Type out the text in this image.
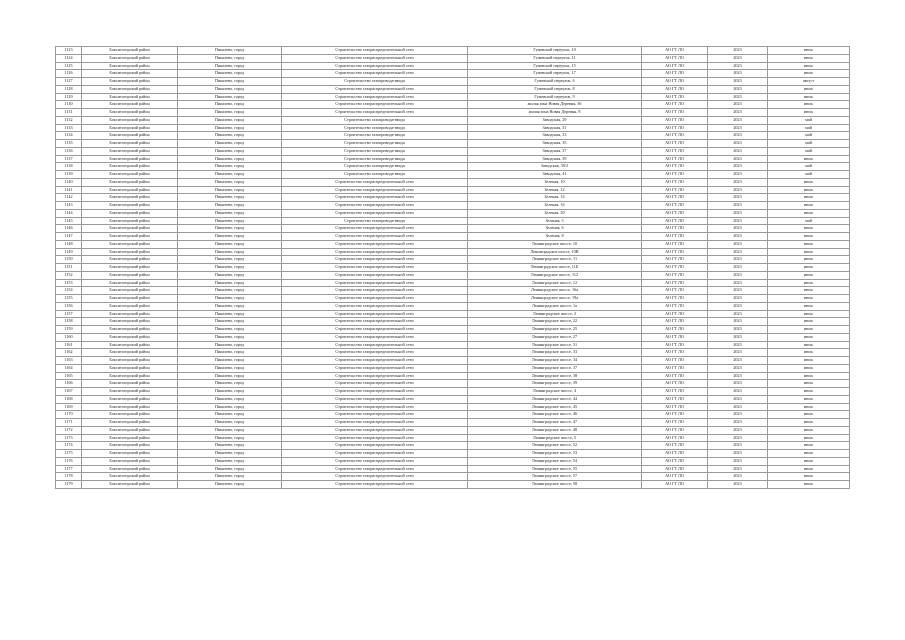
1123	Бокситогорский район	Пикалево, город	Строительство газораспределительной сети	Гужевской переулок, 10	АО ГТ ЛО	2023	июль
1124	Бокситогорский район	Пикалево, город	Строительство газораспределительной сети	Гужевской переулок, 11	АО ГТ ЛО	2023	июль
1125	Бокситогорский район	Пикалево, город	Строительство газораспределительной сети	Гужевской переулок, 15	АО ГТ ЛО	2023	июль
1126	Бокситогорский район	Пикалево, город	Строительство газораспределительной сети	Гужевской переулок, 17	АО ГТ ЛО	2023	июль
1127	Бокситогорский район	Пикалево, город	Строительство газопровода-ввода	Гужевской переулок, 6	АО ГТ ЛО	2023	август
1128	Бокситогорский район	Пикалево, город	Строительство газораспределительной сети	Гужевской переулок, 8	АО ГТ ЛО	2023	июль
1129	Бокситогорский район	Пикалево, город	Строительство газораспределительной сети	Гужевской переулок, 9	АО ГТ ЛО	2023	июль
1130	Бокситогорский район	Пикалево, город	Строительство газораспределительной сети	жилая зона Новая Деревня, 36	АО ГТ ЛО	2023	июль
1131	Бокситогорский район	Пикалево, город	Строительство газораспределительной сети	жилая зона Новая Деревня, 8	АО ГТ ЛО	2023	июль
1132	Бокситогорский район	Пикалево, город	Строительство газопровода-ввода	Заводская, 29	АО ГТ ЛО	2023	май
1133	Бокситогорский район	Пикалево, город	Строительство газопровода-ввода	Заводская, 31	АО ГТ ЛО	2023	май
1134	Бокситогорский район	Пикалево, город	Строительство газопровода-ввода	Заводская, 33	АО ГТ ЛО	2023	май
1135	Бокситогорский район	Пикалево, город	Строительство газопровода-ввода	Заводская, 35	АО ГТ ЛО	2023	май
1136	Бокситогорский район	Пикалево, город	Строительство газопровода-ввода	Заводская, 37	АО ГТ ЛО	2023	май
1137	Бокситогорский район	Пикалево, город	Строительство газопровода-ввода	Заводская, 39	АО ГТ ЛО	2023	июль
1138	Бокситогорский район	Пикалево, город	Строительство газопровода-ввода	Заводская, 39/2	АО ГТ ЛО	2023	май
1139	Бокситогорский район	Пикалево, город	Строительство газопровода-ввода	Заводская, 41	АО ГТ ЛО	2023	май
1140	Бокситогорский район	Пикалево, город	Строительство газораспределительной сети	Зеленая, 10	АО ГТ ЛО	2023	июль
1141	Бокситогорский район	Пикалево, город	Строительство газораспределительной сети	Зеленая, 12	АО ГТ ЛО	2023	июль
1142	Бокситогорский район	Пикалево, город	Строительство газораспределительной сети	Зеленая, 14	АО ГТ ЛО	2023	июль
1143	Бокситогорский район	Пикалево, город	Строительство газораспределительной сети	Зеленая, 16	АО ГТ ЛО	2023	июль
1144	Бокситогорский район	Пикалево, город	Строительство газораспределительной сети	Зеленая, 20	АО ГТ ЛО	2023	июль
1145	Бокситогорский район	Пикалево, город	Строительство газопровода-ввода	Зеленая, 3	АО ГТ ЛО	2023	май
1146	Бокситогорский район	Пикалево, город	Строительство газораспределительной сети	Зеленая, 6	АО ГТ ЛО	2023	июль
1147	Бокситогорский район	Пикалево, город	Строительство газораспределительной сети	Зеленая, 8	АО ГТ ЛО	2023	июль
1148	Бокситогорский район	Пикалево, город	Строительство газораспределительной сети	Ленинградское шоссе, 10	АО ГТ ЛО	2023	июль
1149	Бокситогорский район	Пикалево, город	Строительство газораспределительной сети	Ленинградское шоссе, 10В	АО ГТ ЛО	2023	июль
1150	Бокситогорский район	Пикалево, город	Строительство газораспределительной сети	Ленинградское шоссе, 11	АО ГТ ЛО	2023	июль
1151	Бокситогорский район	Пикалево, город	Строительство газораспределительной сети	Ленинградское шоссе, 11Б	АО ГТ ЛО	2023	июль
1152	Бокситогорский район	Пикалево, город	Строительство газораспределительной сети	Ленинградское шоссе, 112	АО ГТ ЛО	2023	июль
1153	Бокситогорский район	Пикалево, город	Строительство газораспределительной сети	Ленинградское шоссе, 12	АО ГТ ЛО	2023	июль
1154	Бокситогорский район	Пикалево, город	Строительство газораспределительной сети	Ленинградское шоссе, 16а	АО ГТ ЛО	2023	июль
1155	Бокситогорский район	Пикалево, город	Строительство газораспределительной сети	Ленинградское шоссе, 19а	АО ГТ ЛО	2023	июль
1156	Бокситогорский район	Пикалево, город	Строительство газораспределительной сети	Ленинградское шоссе, 1а	АО ГТ ЛО	2023	июль
1157	Бокситогорский район	Пикалево, город	Строительство газораспределительной сети	Ленинградское шоссе, 2	АО ГТ ЛО	2023	июль
1158	Бокситогорский район	Пикалево, город	Строительство газораспределительной сети	Ленинградское шоссе, 22	АО ГТ ЛО	2023	июль
1159	Бокситогорский район	Пикалево, город	Строительство газораспределительной сети	Ленинградское шоссе, 25	АО ГТ ЛО	2023	июль
1160	Бокситогорский район	Пикалево, город	Строительство газораспределительной сети	Ленинградское шоссе, 27	АО ГТ ЛО	2023	июль
1161	Бокситогорский район	Пикалево, город	Строительство газораспределительной сети	Ленинградское шоссе, 31	АО ГТ ЛО	2023	июль
1162	Бокситогорский район	Пикалево, город	Строительство газораспределительной сети	Ленинградское шоссе, 33	АО ГТ ЛО	2023	июль
1163	Бокситогорский район	Пикалево, город	Строительство газораспределительной сети	Ленинградское шоссе, 34	АО ГТ ЛО	2023	июль
1164	Бокситогорский район	Пикалево, город	Строительство газораспределительной сети	Ленинградское шоссе, 37	АО ГТ ЛО	2023	июль
1165	Бокситогорский район	Пикалево, город	Строительство газораспределительной сети	Ленинградское шоссе, 38	АО ГТ ЛО	2023	июль
1166	Бокситогорский район	Пикалево, город	Строительство газораспределительной сети	Ленинградское шоссе, 39	АО ГТ ЛО	2023	июль
1167	Бокситогорский район	Пикалево, город	Строительство газораспределительной сети	Ленинградское шоссе, 4	АО ГТ ЛО	2023	июль
1168	Бокситогорский район	Пикалево, город	Строительство газораспределительной сети	Ленинградское шоссе, 44	АО ГТ ЛО	2023	июль
1169	Бокситогорский район	Пикалево, город	Строительство газораспределительной сети	Ленинградское шоссе, 45	АО ГТ ЛО	2023	июль
1170	Бокситогорский район	Пикалево, город	Строительство газораспределительной сети	Ленинградское шоссе, 46	АО ГТ ЛО	2023	июль
1171	Бокситогорский район	Пикалево, город	Строительство газораспределительной сети	Ленинградское шоссе, 47	АО ГТ ЛО	2023	июль
1172	Бокситогорский район	Пикалево, город	Строительство газораспределительной сети	Ленинградское шоссе, 48	АО ГТ ЛО	2023	июль
1173	Бокситогорский район	Пикалево, город	Строительство газораспределительной сети	Ленинградское шоссе, 5	АО ГТ ЛО	2023	июль
1174	Бокситогорский район	Пикалево, город	Строительство газораспределительной сети	Ленинградское шоссе, 52	АО ГТ ЛО	2023	июль
1175	Бокситогорский район	Пикалево, город	Строительство газораспределительной сети	Ленинградское шоссе, 53	АО ГТ ЛО	2023	июль
1176	Бокситогорский район	Пикалево, город	Строительство газораспределительной сети	Ленинградское шоссе, 54	АО ГТ ЛО	2023	июль
1177	Бокситогорский район	Пикалево, город	Строительство газораспределительной сети	Ленинградское шоссе, 55	АО ГТ ЛО	2023	июль
1178	Бокситогорский район	Пикалево, город	Строительство газораспределительной сети	Ленинградское шоссе, 57	АО ГТ ЛО	2023	июль
1179	Бокситогорский район	Пикалево, город	Строительство газораспределительной сети	Ленинградское шоссе, 58	АО ГТ ЛО	2023	июль
